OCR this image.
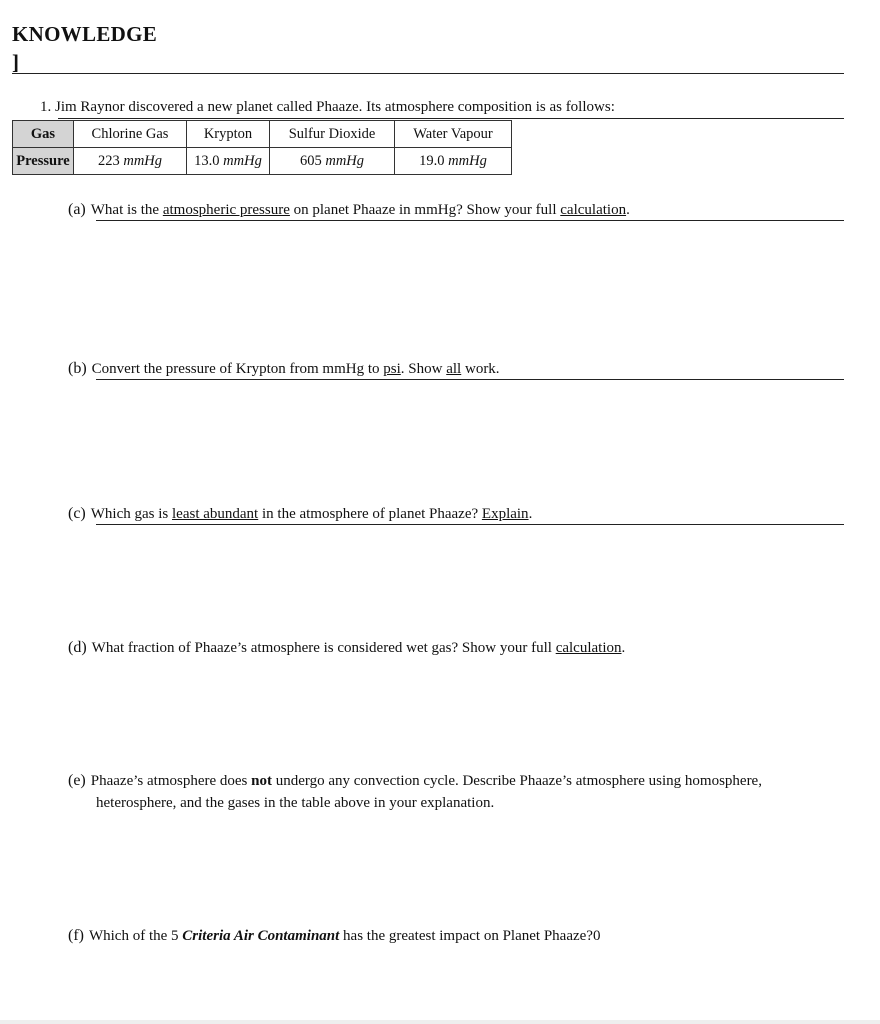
KNOWLEDGE
]
1. Jim Raynor discovered a new planet called Phaaze. Its atmosphere composition is as follows:
Gas	Chlorine Gas	Krypton	Sulfur Dioxide	Water Vapour
Pressure	223 mmHg	13.0 mmHg	605 mmHg	19.0 mmHg
(a) What is the atmospheric pressure on planet Phaaze in mmHg? Show your full calculation.
(b) Convert the pressure of Krypton from mmHg to psi. Show all work.
(c) Which gas is least abundant in the atmosphere of planet Phaaze? Explain.
(d) What fraction of Phaaze’s atmosphere is considered wet gas? Show your full calculation.
(e) Phaaze’s atmosphere does not undergo any convection cycle. Describe Phaaze’s atmosphere using homosphere,
heterosphere, and the gases in the table above in your explanation.
(f) Which of the 5 Criteria Air Contaminant has the greatest impact on Planet Phaaze?0
